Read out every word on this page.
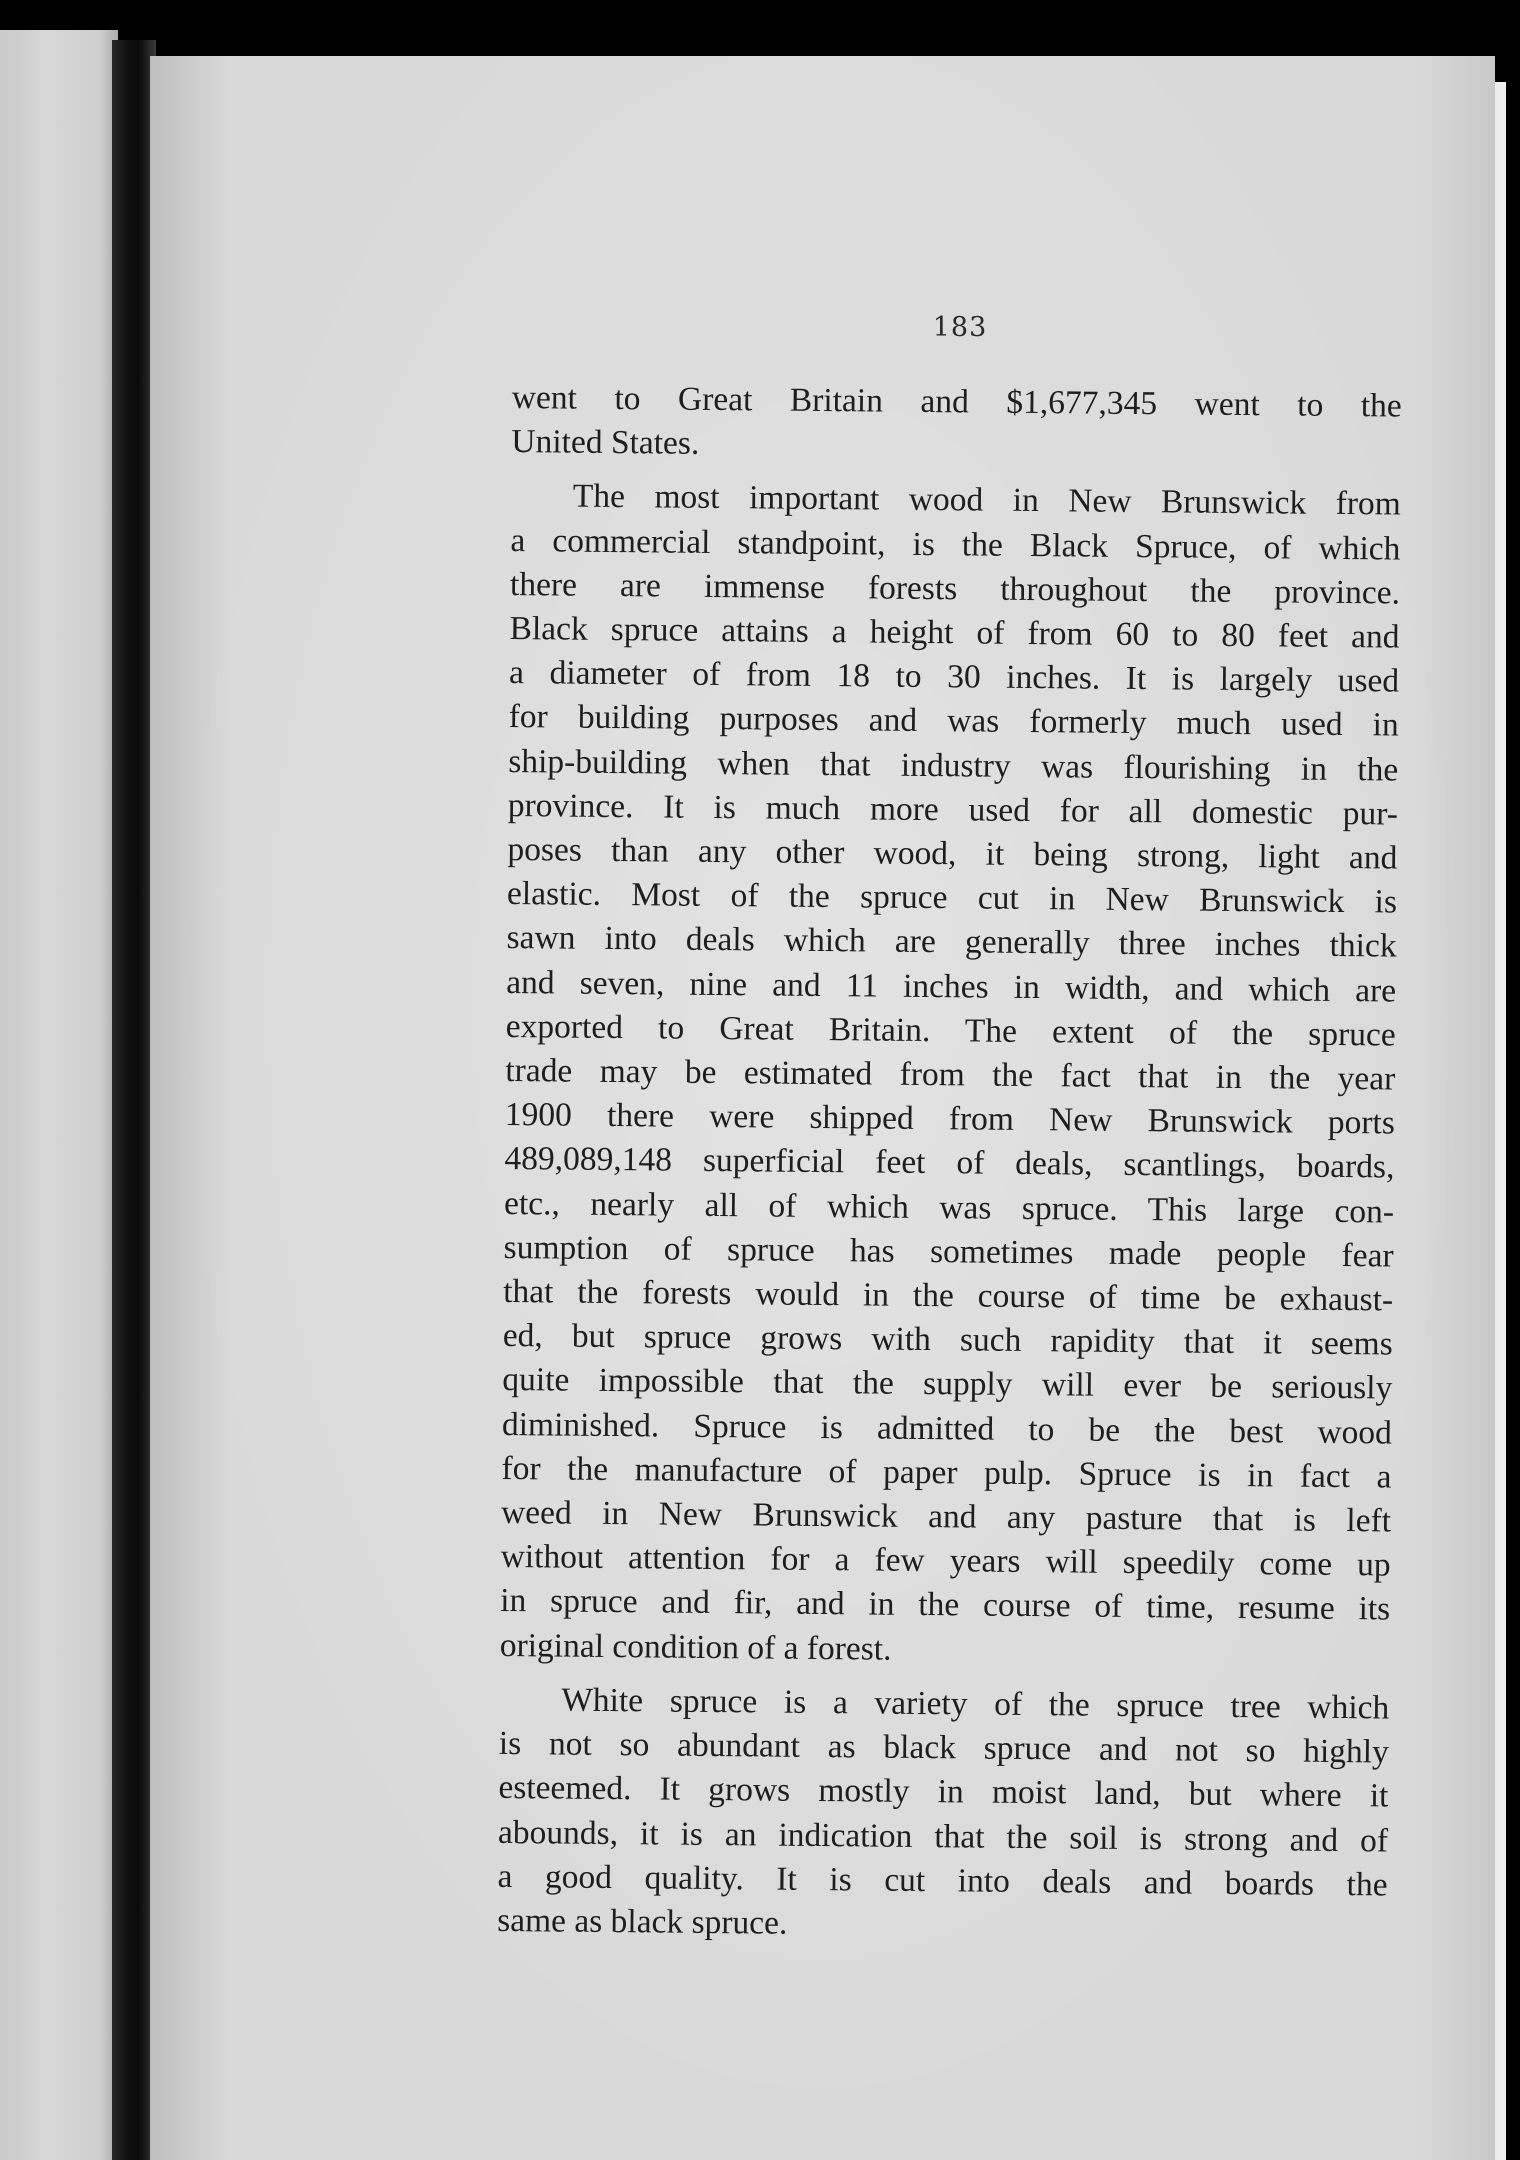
183
went to Great Britain and $1,677,345 went to the
United States.
The most important wood in New Brunswick from
a commercial standpoint, is the Black Spruce, of which
there are immense forests throughout the province.
Black spruce attains a height of from 60 to 80 feet and
a diameter of from 18 to 30 inches. It is largely used
for building purposes and was formerly much used in
ship-building when that industry was flourishing in the
province. It is much more used for all domestic pur-
poses than any other wood, it being strong, light and
elastic. Most of the spruce cut in New Brunswick is
sawn into deals which are generally three inches thick
and seven, nine and 11 inches in width, and which are
exported to Great Britain. The extent of the spruce
trade may be estimated from the fact that in the year
1900 there were shipped from New Brunswick ports
489,089,148 superficial feet of deals, scantlings, boards,
etc., nearly all of which was spruce. This large con-
sumption of spruce has sometimes made people fear
that the forests would in the course of time be exhaust-
ed, but spruce grows with such rapidity that it seems
quite impossible that the supply will ever be seriously
diminished. Spruce is admitted to be the best wood
for the manufacture of paper pulp. Spruce is in fact a
weed in New Brunswick and any pasture that is left
without attention for a few years will speedily come up
in spruce and fir, and in the course of time, resume its
original condition of a forest.
White spruce is a variety of the spruce tree which
is not so abundant as black spruce and not so highly
esteemed. It grows mostly in moist land, but where it
abounds, it is an indication that the soil is strong and of
a good quality. It is cut into deals and boards the
same as black spruce.
